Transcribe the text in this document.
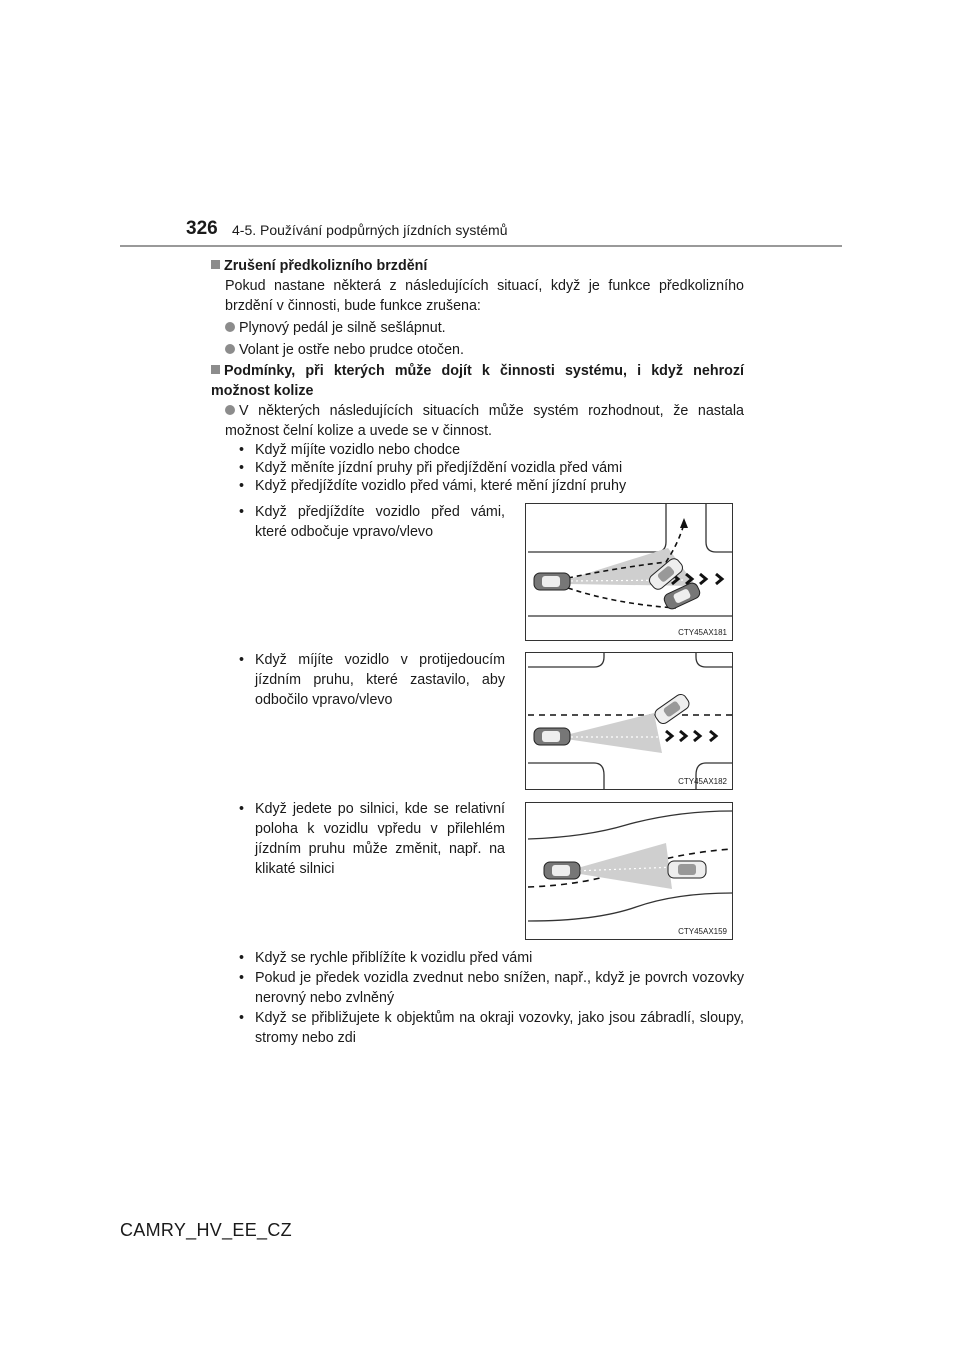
326 4-5. Používání podpůrných jízdních systémů
Zrušení předkolizního brzdění
Pokud nastane některá z následujících situací, když je funkce předkolizního brzdění v činnosti, bude funkce zrušena:
Plynový pedál je silně sešlápnut.
Volant je ostře nebo prudce otočen.
Podmínky, při kterých může dojít k činnosti systému, i když nehrozí možnost kolize
V některých následujících situacích může systém rozhodnout, že nastala možnost čelní kolize a uvede se v činnost.
• Když míjíte vozidlo nebo chodce
• Když měníte jízdní pruhy při předjíždění vozidla před vámi
• Když předjíždíte vozidlo před vámi, které mění jízdní pruhy
• Když předjíždíte vozidlo před vámi, které odbočuje vpravo/vlevo
CTY45AX181
• Když míjíte vozidlo v protijedoucím jízdním pruhu, které zastavilo, aby odbočilo vpravo/vlevo
CTY45AX182
• Když jedete po silnici, kde se relativní poloha k vozidlu vpředu v přilehlém jízdním pruhu může změnit, např. na klikaté silnici
CTY45AX159
• Když se rychle přiblížíte k vozidlu před vámi
• Pokud je předek vozidla zvednut nebo snížen, např., když je povrch vozovky nerovný nebo zvlněný
• Když se přibližujete k objektům na okraji vozovky, jako jsou zábradlí, sloupy, stromy nebo zdi
CAMRY_HV_EE_CZ
